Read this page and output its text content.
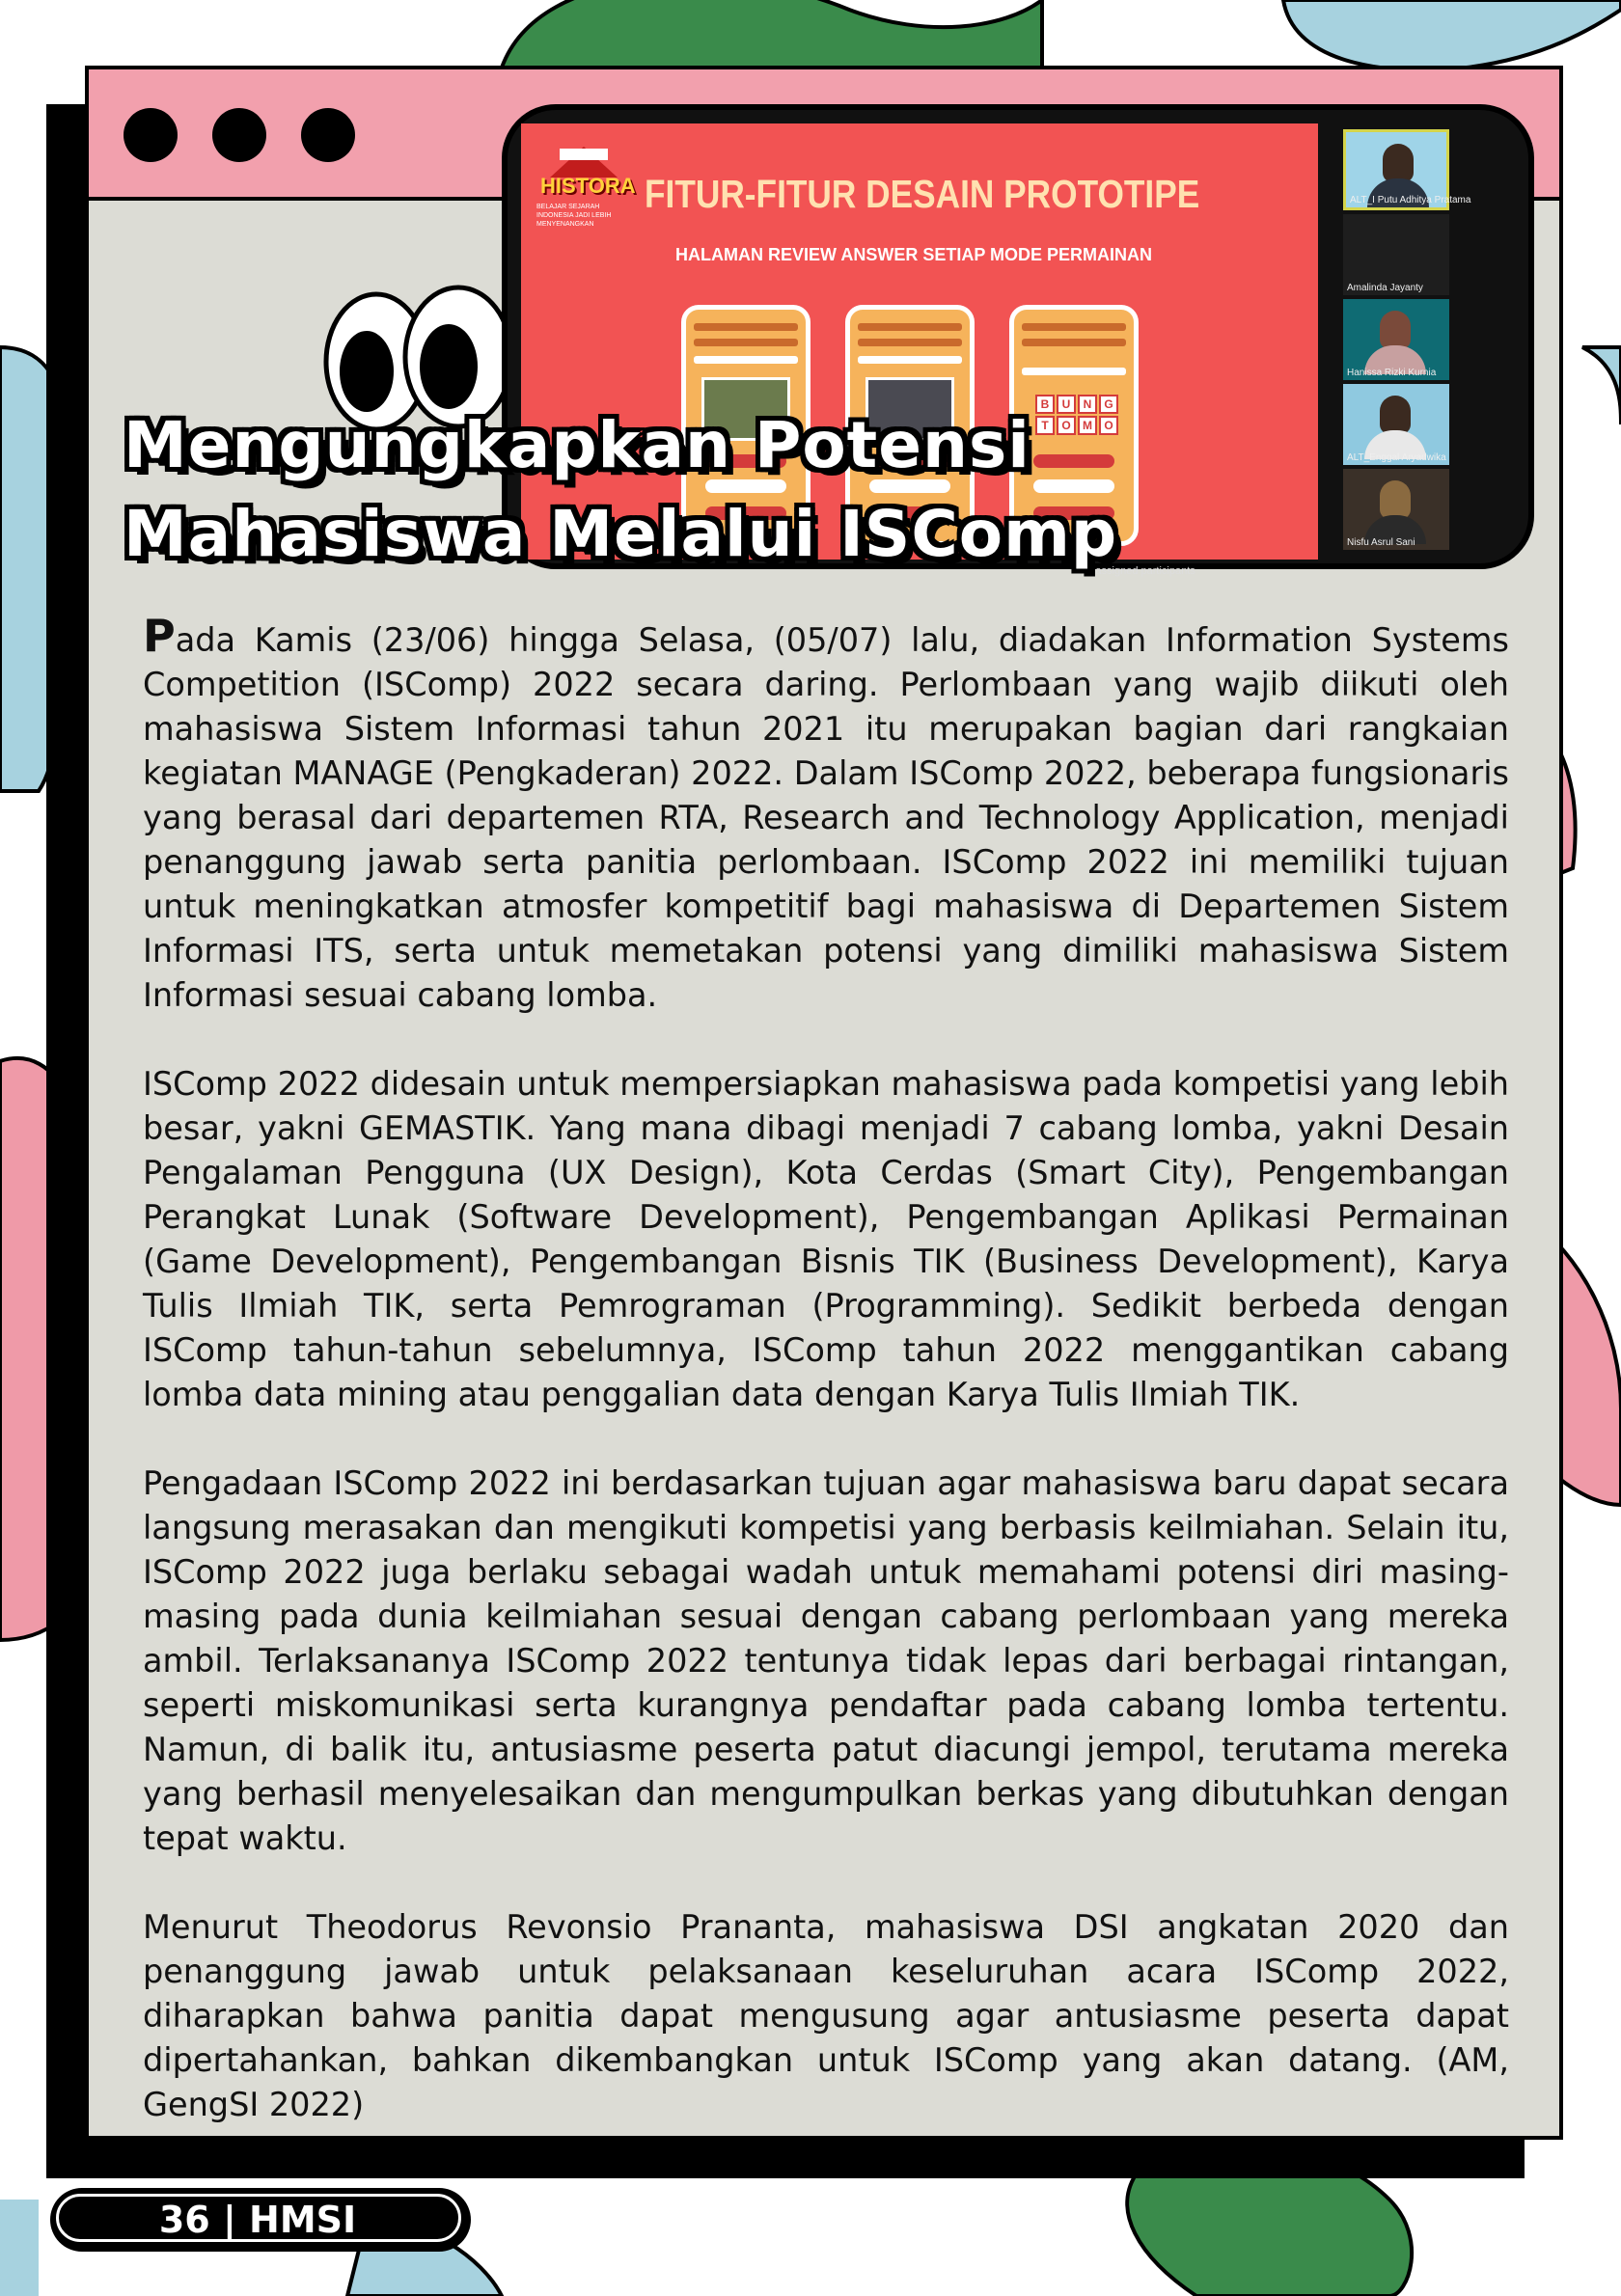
HISTORA
BELAJAR SEJARAH INDONESIA JADI LEBIH MENYENANGKAN
FITUR-FITUR DESAIN PROTOTIPE
HALAMAN REVIEW ANSWER SETIAP MODE PERMAINAN
B	U	N	G
T	O	M	O
6 unassigned participants
ALT_I Putu Adhitya Pratama
Amalinda Jayanty
Hanissa Rizki Kurnia
ALT_Enggal Aryadwika
Nisfu Asrul Sani
Mengungkapkan Potensi
Mahasiswa Melalui ISComp

Pada Kamis (23/06) hingga Selasa, (05/07) lalu, diadakan Information Systems Competition (ISComp) 2022 secara daring. Perlombaan yang wajib diikuti oleh mahasiswa Sistem Informasi tahun 2021 itu merupakan bagian dari rangkaian kegiatan MANAGE (Pengkaderan) 2022. Dalam ISComp 2022, beberapa fungsionaris yang berasal dari departemen RTA, Research and Technology Application, menjadi penanggung jawab serta panitia perlombaan. ISComp 2022 ini memiliki tujuan untuk meningkatkan atmosfer kompetitif bagi mahasiswa di Departemen Sistem Informasi ITS, serta untuk memetakan potensi yang dimiliki mahasiswa Sistem Informasi sesuai cabang lomba.

ISComp 2022 didesain untuk mempersiapkan mahasiswa pada kompetisi yang lebih besar, yakni GEMASTIK. Yang mana dibagi menjadi 7 cabang lomba, yakni Desain Pengalaman Pengguna (UX Design), Kota Cerdas (Smart City), Pengembangan Perangkat Lunak (Software Development), Pengembangan Aplikasi Permainan (Game Development), Pengembangan Bisnis TIK (Business Development), Karya Tulis Ilmiah TIK, serta Pemrograman (Programming). Sedikit berbeda dengan ISComp tahun-tahun sebelumnya, ISComp tahun 2022 menggantikan cabang lomba data mining atau penggalian data dengan Karya Tulis Ilmiah TIK.

Pengadaan ISComp 2022 ini berdasarkan tujuan agar mahasiswa baru dapat secara langsung merasakan dan mengikuti kompetisi yang berbasis keilmiahan. Selain itu, ISComp 2022 juga berlaku sebagai wadah untuk memahami potensi diri masing-masing pada dunia keilmiahan sesuai dengan cabang perlombaan yang mereka ambil. Terlaksananya ISComp 2022 tentunya tidak lepas dari berbagai rintangan, seperti miskomunikasi serta kurangnya pendaftar pada cabang lomba tertentu. Namun, di balik itu, antusiasme peserta patut diacungi jempol, terutama mereka yang berhasil menyelesaikan dan mengumpulkan berkas yang dibutuhkan dengan tepat waktu.

Menurut Theodorus Revonsio Prananta, mahasiswa DSI angkatan 2020 dan penanggung jawab untuk pelaksanaan keseluruhan acara ISComp 2022, diharapkan bahwa panitia dapat mengusung agar antusiasme peserta dapat dipertahankan, bahkan dikembangkan untuk ISComp yang akan datang. (AM, GengSI 2022)

36 | HMSI
